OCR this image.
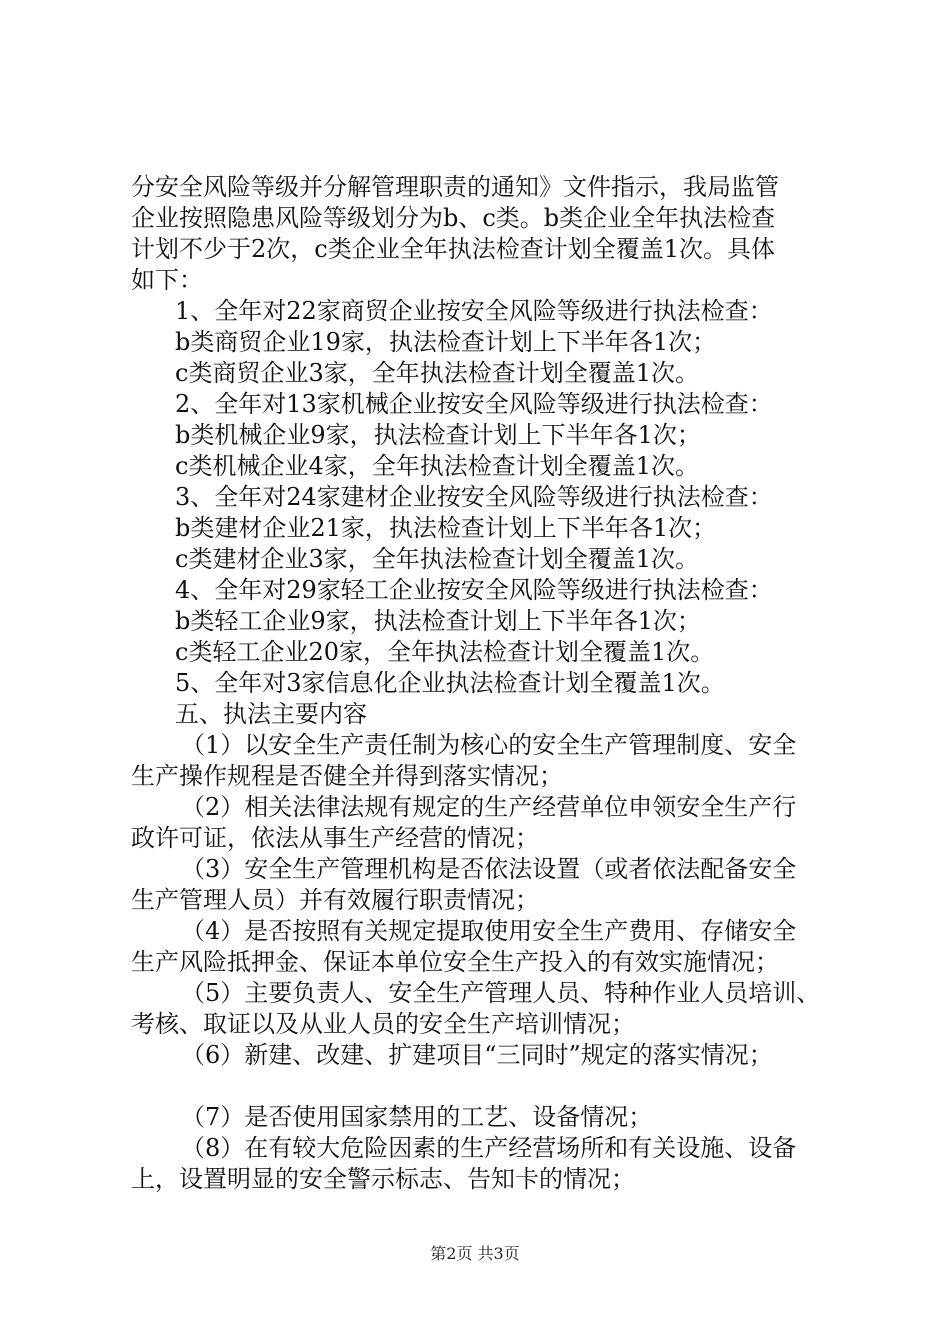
分安全风险等级并分解管理职责的通知》文件指示，我局监管
企业按照隐患风险等级划分为b、c类。b类企业全年执法检查
计划不少于2次，c类企业全年执法检查计划全覆盖1次。具体
如下：
1、全年对22家商贸企业按安全风险等级进行执法检查：
b类商贸企业19家，执法检查计划上下半年各1次；
c类商贸企业3家，全年执法检查计划全覆盖1次。
2、全年对13家机械企业按安全风险等级进行执法检查：
b类机械企业9家，执法检查计划上下半年各1次；
c类机械企业4家，全年执法检查计划全覆盖1次。
3、全年对24家建材企业按安全风险等级进行执法检查：
b类建材企业21家，执法检查计划上下半年各1次；
c类建材企业3家，全年执法检查计划全覆盖1次。
4、全年对29家轻工企业按安全风险等级进行执法检查：
b类轻工企业9家，执法检查计划上下半年各1次；
c类轻工企业20家，全年执法检查计划全覆盖1次。
5、全年对3家信息化企业执法检查计划全覆盖1次。
五、执法主要内容
（1）以安全生产责任制为核心的安全生产管理制度、安全
生产操作规程是否健全并得到落实情况；
（2）相关法律法规有规定的生产经营单位申领安全生产行
政许可证，依法从事生产经营的情况；
（3）安全生产管理机构是否依法设置（或者依法配备安全
生产管理人员）并有效履行职责情况；
（4）是否按照有关规定提取使用安全生产费用、存储安全
生产风险抵押金、保证本单位安全生产投入的有效实施情况；
（5）主要负责人、安全生产管理人员、特种作业人员培训、
考核、取证以及从业人员的安全生产培训情况；
（6）新建、改建、扩建项目“三同时”规定的落实情况；
（7）是否使用国家禁用的工艺、设备情况；
（8）在有较大危险因素的生产经营场所和有关设施、设备
上，设置明显的安全警示标志、告知卡的情况；
第2页 共3页
